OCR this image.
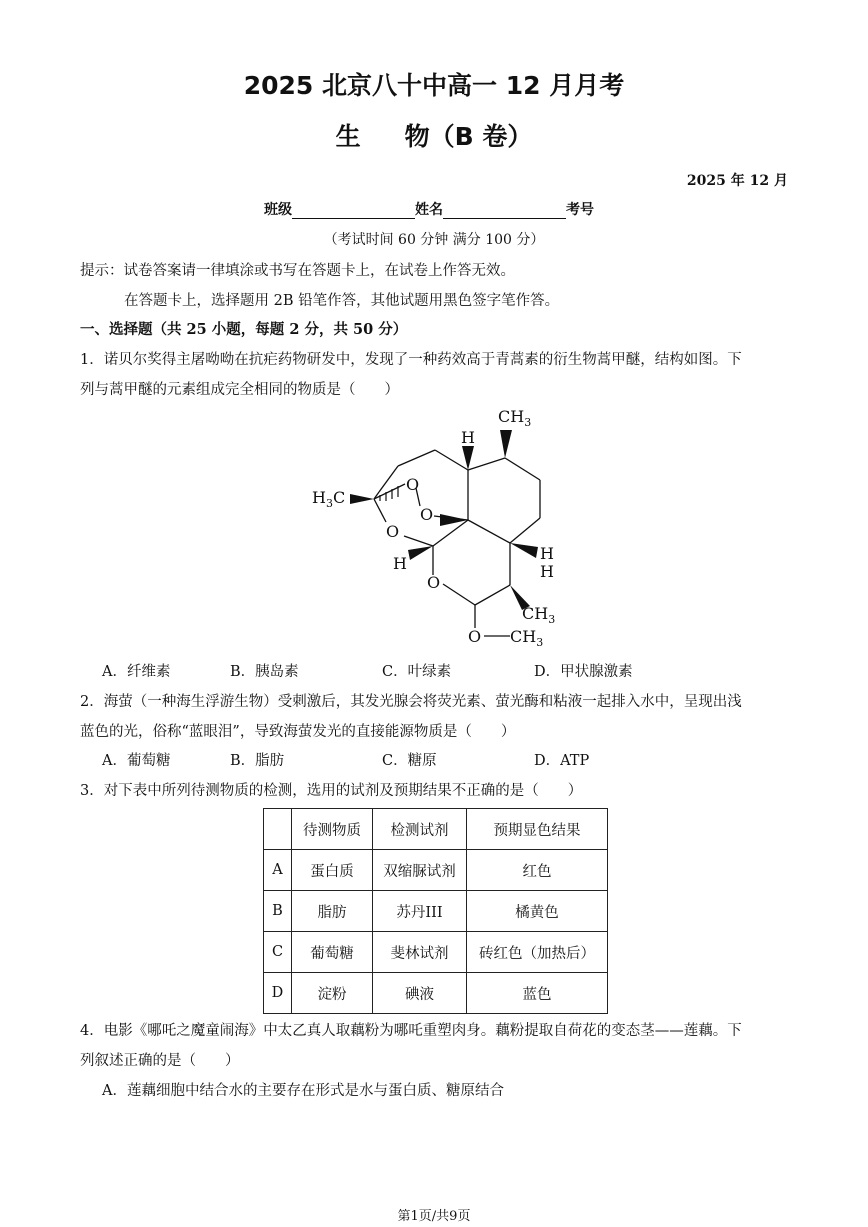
2025 北京八十中高一 12 月月考
生 物（B 卷）
2025 年 12 月
班级	姓名	考号
（考试时间 60 分钟 满分 100 分）
提示：试卷答案请一律填涂或书写在答题卡上，在试卷上作答无效。
在答题卡上，选择题用 2B 铅笔作答，其他试题用黑色签字笔作答。
一、选择题（共 25 小题，每题 2 分，共 50 分）
1．诺贝尔奖得主屠呦呦在抗疟药物研发中，发现了一种药效高于青蒿素的衍生物蒿甲醚，结构如图。下
列与蒿甲醚的元素组成完全相同的物质是（　　）
$CH_3$
H
$H_3C$
O
O
O
H
O
H
H
$CH_3$
O $CH_3$
A．纤维素	B．胰岛素	C．叶绿素	D．甲状腺激素
2．海萤（一种海生浮游生物）受刺激后，其发光腺会将荧光素、萤光酶和粘液一起排入水中，呈现出浅
蓝色的光，俗称“蓝眼泪”，导致海萤发光的直接能源物质是（　　）
A．葡萄糖	B．脂肪	C．糖原	D．ATP
3．对下表中所列待测物质的检测，选用的试剂及预期结果不正确的是（　　）
	待测物质	检测试剂	预期显色结果
A	蛋白质	双缩脲试剂	红色
B	脂肪	苏丹III	橘黄色
C	葡萄糖	斐林试剂	砖红色（加热后）
D	淀粉	碘液	蓝色
4．电影《哪吒之魔童闹海》中太乙真人取藕粉为哪吒重塑肉身。藕粉提取自荷花的变态茎——莲藕。下
列叙述正确的是（　　）
A．莲藕细胞中结合水的主要存在形式是水与蛋白质、糖原结合
第1页/共9页
